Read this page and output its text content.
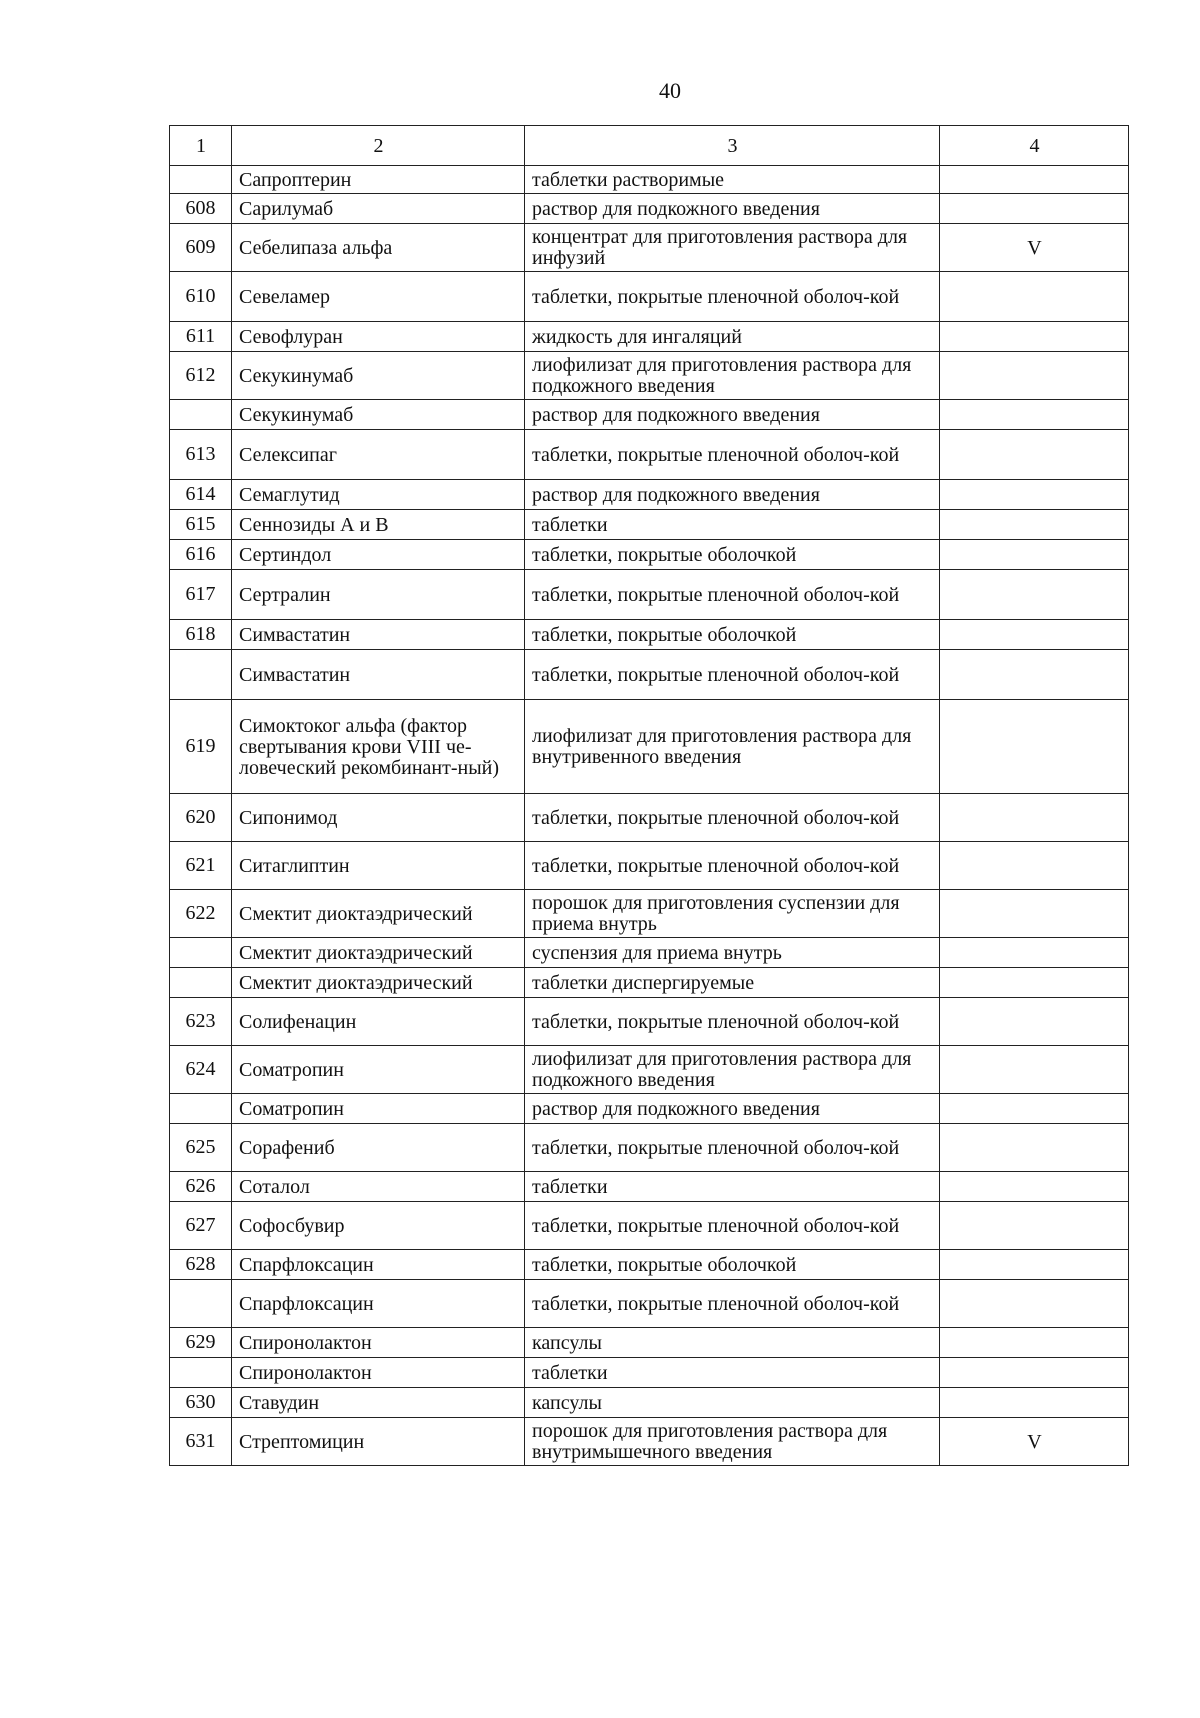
40
1	2	3	4
	Сапроптерин	таблетки растворимые	
608	Сарилумаб	раствор для подкожного введения	
609	Себелипаза альфа	концентрат для приготовления раствора для инфузий	V
610	Севеламер	таблетки, покрытые пленочной оболоч-кой	
611	Севофлуран	жидкость для ингаляций	
612	Секукинумаб	лиофилизат для приготовления раствора для подкожного введения	
	Секукинумаб	раствор для подкожного введения	
613	Селексипаг	таблетки, покрытые пленочной оболоч-кой	
614	Семаглутид	раствор для подкожного введения	
615	Сеннозиды А и В	таблетки	
616	Сертиндол	таблетки, покрытые оболочкой	
617	Сертралин	таблетки, покрытые пленочной оболоч-кой	
618	Симвастатин	таблетки, покрытые оболочкой	
	Симвастатин	таблетки, покрытые пленочной оболоч-кой	
619	Симоктоког альфа (фактор свертывания крови VIII че-ловеческий рекомбинант-ный)	лиофилизат для приготовления раствора для внутривенного введения	
620	Сипонимод	таблетки, покрытые пленочной оболоч-кой	
621	Ситаглиптин	таблетки, покрытые пленочной оболоч-кой	
622	Смектит диоктаэдрический	порошок для приготовления суспензии для приема внутрь	
	Смектит диоктаэдрический	суспензия для приема внутрь	
	Смектит диоктаэдрический	таблетки диспергируемые	
623	Солифенацин	таблетки, покрытые пленочной оболоч-кой	
624	Соматропин	лиофилизат для приготовления раствора для подкожного введения	
	Соматропин	раствор для подкожного введения	
625	Сорафениб	таблетки, покрытые пленочной оболоч-кой	
626	Соталол	таблетки	
627	Софосбувир	таблетки, покрытые пленочной оболоч-кой	
628	Спарфлоксацин	таблетки, покрытые оболочкой	
	Спарфлоксацин	таблетки, покрытые пленочной оболоч-кой	
629	Спиронолактон	капсулы	
	Спиронолактон	таблетки	
630	Ставудин	капсулы	
631	Стрептомицин	порошок для приготовления раствора для внутримышечного введения	V
